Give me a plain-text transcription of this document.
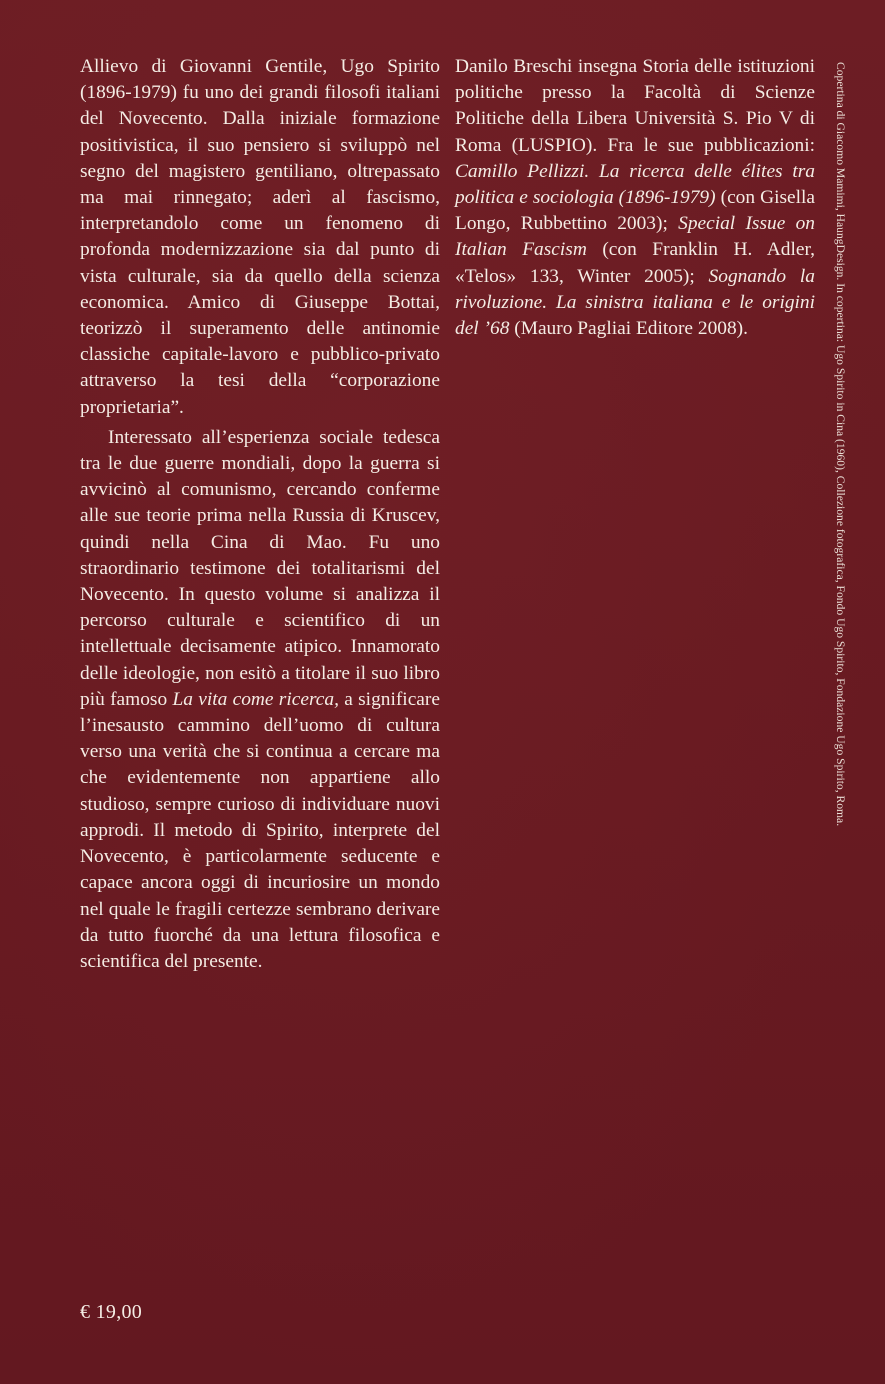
Allievo di Giovanni Gentile, Ugo Spirito (1896-1979) fu uno dei grandi filosofi italiani del Novecento. Dalla iniziale formazione positivistica, il suo pensiero si sviluppò nel segno del magistero gentiliano, oltrepassato ma mai rinnegato; aderì al fascismo, interpretandolo come un fenomeno di profonda modernizzazione sia dal punto di vista culturale, sia da quello della scienza economica. Amico di Giuseppe Bottai, teorizzò il superamento delle antinomie classiche capitale-lavoro e pubblico-privato attraverso la tesi della “corporazione proprietaria”.

Interessato all’esperienza sociale tedesca tra le due guerre mondiali, dopo la guerra si avvicinò al comunismo, cercando conferme alle sue teorie prima nella Russia di Kruscev, quindi nella Cina di Mao. Fu uno straordinario testimone dei totalitarismi del Novecento. In questo volume si analizza il percorso culturale e scientifico di un intellettuale decisamente atipico. Innamorato delle ideologie, non esitò a titolare il suo libro più famoso La vita come ricerca, a significare l’inesausto cammino dell’uomo di cultura verso una verità che si continua a cercare ma che evidentemente non appartiene allo studioso, sempre curioso di individuare nuovi approdi. Il metodo di Spirito, interprete del Novecento, è particolarmente seducente e capace ancora oggi di incuriosire un mondo nel quale le fragili certezze sembrano derivare da tutto fuorché da una lettura filosofica e scientifica del presente.

Danilo Breschi insegna Storia delle istituzioni politiche presso la Facoltà di Scienze Politiche della Libera Università S. Pio V di Roma (LUSPIO). Fra le sue pubblicazioni: Camillo Pellizzi. La ricerca delle élites tra politica e sociologia (1896-1979) (con Gisella Longo, Rubbettino 2003); Special Issue on Italian Fascism (con Franklin H. Adler, «Telos» 133, Winter 2005); Sognando la rivoluzione. La sinistra italiana e le origini del ’68 (Mauro Pagliai Editore 2008).

€ 19,00
Copertina di Giacomo Mamimi, HaungDesign. In copertina: Ugo Spirito in Cina (1960), Collezione fotografica, Fondo Ugo Spirito, Fondazione Ugo Spirito, Roma.
